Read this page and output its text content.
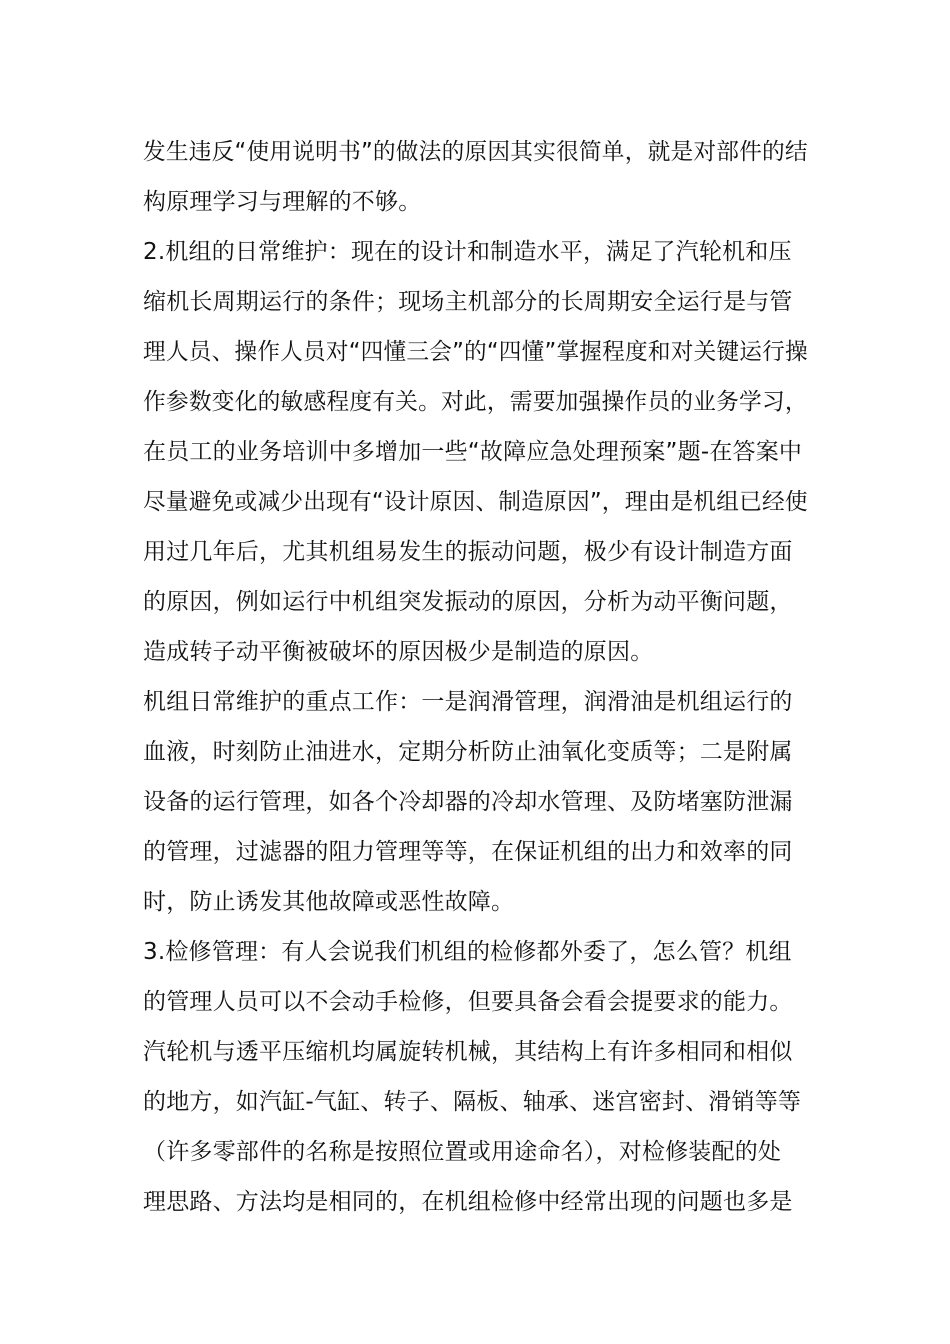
发生违反“使用说明书”的做法的原因其实很简单，就是对部件的结
构原理学习与理解的不够。
2.机组的日常维护：现在的设计和制造水平，满足了汽轮机和压
缩机长周期运行的条件；现场主机部分的长周期安全运行是与管
理人员、操作人员对“四懂三会”的“四懂”掌握程度和对关键运行操
作参数变化的敏感程度有关。对此，需要加强操作员的业务学习，
在员工的业务培训中多增加一些“故障应急处理预案”题-在答案中
尽量避免或减少出现有“设计原因、制造原因”，理由是机组已经使
用过几年后，尤其机组易发生的振动问题，极少有设计制造方面
的原因，例如运行中机组突发振动的原因，分析为动平衡问题，
造成转子动平衡被破坏的原因极少是制造的原因。
机组日常维护的重点工作：一是润滑管理，润滑油是机组运行的
血液，时刻防止油进水，定期分析防止油氧化变质等；二是附属
设备的运行管理，如各个冷却器的冷却水管理、及防堵塞防泄漏
的管理，过滤器的阻力管理等等，在保证机组的出力和效率的同
时，防止诱发其他故障或恶性故障。
3.检修管理：有人会说我们机组的检修都外委了，怎么管？机组
的管理人员可以不会动手检修，但要具备会看会提要求的能力。
汽轮机与透平压缩机均属旋转机械，其结构上有许多相同和相似
的地方，如汽缸-气缸、转子、隔板、轴承、迷宫密封、滑销等等
（许多零部件的名称是按照位置或用途命名），对检修装配的处
理思路、方法均是相同的，在机组检修中经常出现的问题也多是
